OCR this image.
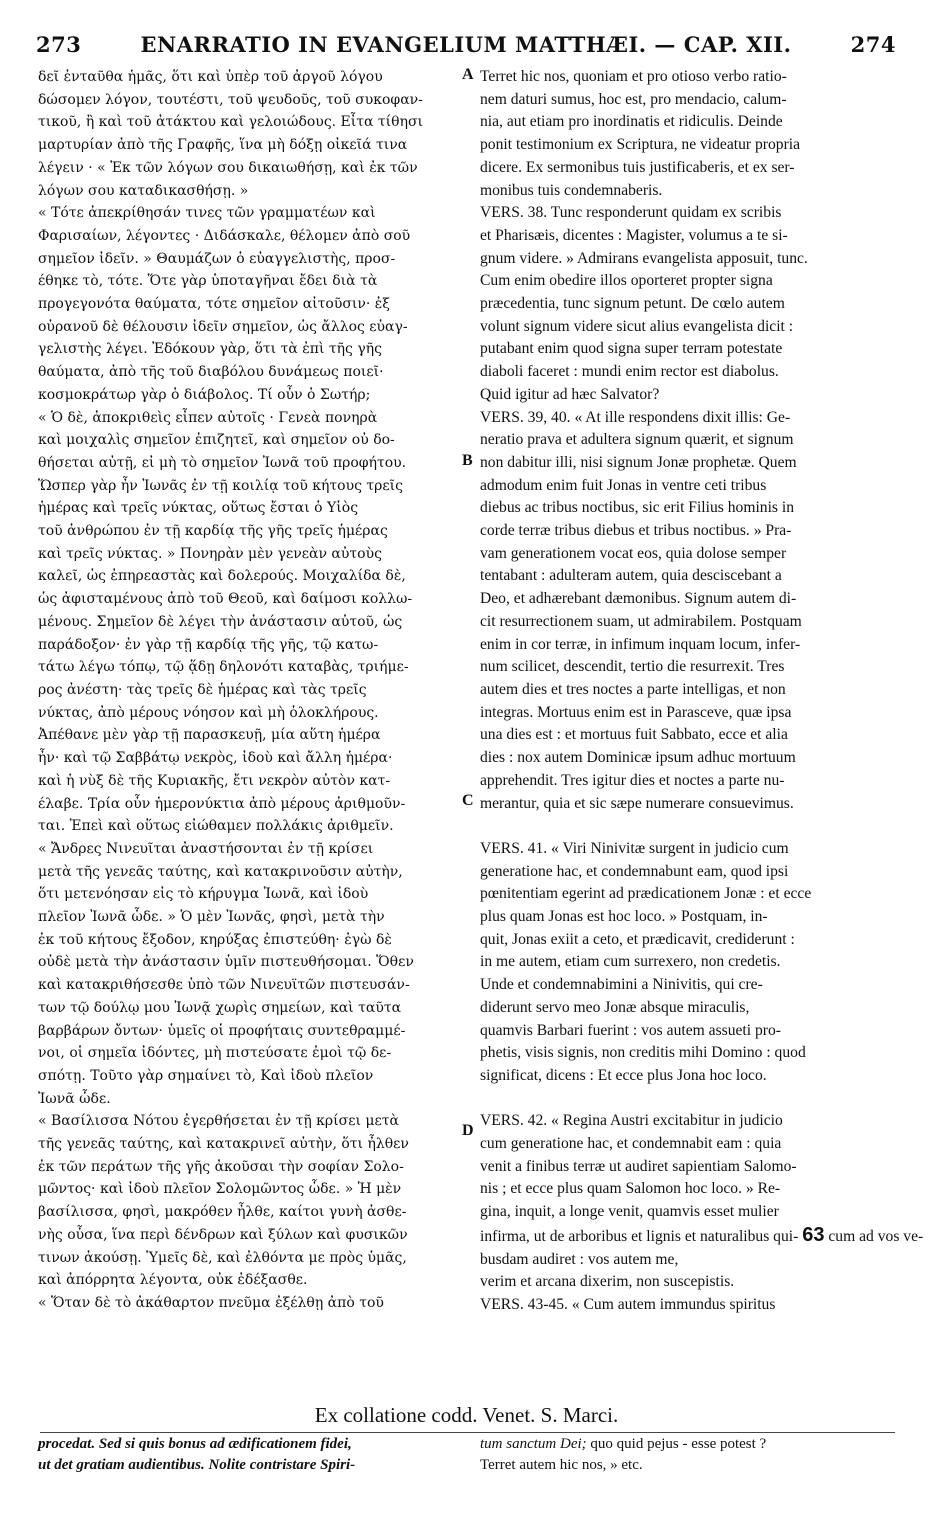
273	ENARRATIO IN EVANGELIUM MATTHÆI. — CAP. XII.	274

δεῖ ἐνταῦθα ἡμᾶς, ὅτι καὶ ὑπὲρ τοῦ ἀργοῦ λόγου

δώσομεν λόγον, τουτέστι, τοῦ ψευδοῦς, τοῦ συκοφαν-

τικοῦ, ἢ καὶ τοῦ ἀτάκτου καὶ γελοιώδους. Εἶτα τίθησι

μαρτυρίαν ἀπὸ τῆς Γραφῆς, ἵνα μὴ δόξῃ οἰκεῖά τινα

λέγειν · « Ἐκ τῶν λόγων σου δικαιωθήσῃ, καὶ ἐκ τῶν

λόγων σου καταδικασθήσῃ. »

« Τότε ἀπεκρίθησάν τινες τῶν γραμματέων καὶ

Φαρισαίων, λέγοντες · Διδάσκαλε, θέλομεν ἀπὸ σοῦ

σημεῖον ἰδεῖν. » Θαυμάζων ὁ εὐαγγελιστὴς, προσ-

έθηκε τὸ, τότε. Ὅτε γὰρ ὑποταγῆναι ἔδει διὰ τὰ

προγεγονότα θαύματα, τότε σημεῖον αἰτοῦσιν· ἐξ

οὐρανοῦ δὲ θέλουσιν ἰδεῖν σημεῖον, ὡς ἄλλος εὐαγ-

γελιστὴς λέγει. Ἐδόκουν γὰρ, ὅτι τὰ ἐπὶ τῆς γῆς

θαύματα, ἀπὸ τῆς τοῦ διαβόλου δυνάμεως ποιεῖ·

κοσμοκράτωρ γὰρ ὁ διάβολος. Τί οὖν ὁ Σωτήρ;

« Ὁ δὲ, ἀποκριθεὶς εἶπεν αὐτοῖς · Γενεὰ πονηρὰ

καὶ μοιχαλὶς σημεῖον ἐπιζητεῖ, καὶ σημεῖον οὐ δο-

θήσεται αὐτῇ, εἰ μὴ τὸ σημεῖον Ἰωνᾶ τοῦ προφήτου.

Ὥσπερ γὰρ ἦν Ἰωνᾶς ἐν τῇ κοιλίᾳ τοῦ κήτους τρεῖς

ἡμέρας καὶ τρεῖς νύκτας, οὕτως ἔσται ὁ Υἱὸς

τοῦ ἀνθρώπου ἐν τῇ καρδίᾳ τῆς γῆς τρεῖς ἡμέρας

καὶ τρεῖς νύκτας. » Πονηρὰν μὲν γενεὰν αὐτοὺς

καλεῖ, ὡς ἐπηρεαστὰς καὶ δολερούς. Μοιχαλίδα δὲ,

ὡς ἀφισταμένους ἀπὸ τοῦ Θεοῦ, καὶ δαίμοσι κολλω-

μένους. Σημεῖον δὲ λέγει τὴν ἀνάστασιν αὐτοῦ, ὡς

παράδοξον· ἐν γὰρ τῇ καρδίᾳ τῆς γῆς, τῷ κατω-

τάτω λέγω τόπῳ, τῷ ᾅδῃ δηλονότι καταβὰς, τριήμε-

ρος ἀνέστη· τὰς τρεῖς δὲ ἡμέρας καὶ τὰς τρεῖς

νύκτας, ἀπὸ μέρους νόησον καὶ μὴ ὁλοκλήρους.

Ἀπέθανε μὲν γὰρ τῇ παρασκευῇ, μία αὕτη ἡμέρα

ἦν· καὶ τῷ Σαββάτῳ νεκρὸς, ἰδοὺ καὶ ἄλλη ἡμέρα·

καὶ ἡ νὺξ δὲ τῆς Κυριακῆς, ἔτι νεκρὸν αὐτὸν κατ-

έλαβε. Τρία οὖν ἡμερονύκτια ἀπὸ μέρους ἀριθμοῦν-

ται. Ἐπεὶ καὶ οὕτως εἰώθαμεν πολλάκις ἀριθμεῖν.

« Ἄνδρες Νινευῖται ἀναστήσονται ἐν τῇ κρίσει

μετὰ τῆς γενεᾶς ταύτης, καὶ κατακρινοῦσιν αὐτὴν,

ὅτι μετενόησαν εἰς τὸ κήρυγμα Ἰωνᾶ, καὶ ἰδοὺ

πλεῖον Ἰωνᾶ ὧδε. » Ὁ μὲν Ἰωνᾶς, φησὶ, μετὰ τὴν

ἐκ τοῦ κήτους ἔξοδον, κηρύξας ἐπιστεύθη· ἐγὼ δὲ

οὐδὲ μετὰ τὴν ἀνάστασιν ὑμῖν πιστευθήσομαι. Ὅθεν

καὶ κατακριθήσεσθε ὑπὸ τῶν Νινευϊτῶν πιστευσάν-

των τῷ δούλῳ μου Ἰωνᾷ χωρὶς σημείων, καὶ ταῦτα

βαρβάρων ὄντων· ὑμεῖς οἱ προφήταις συντεθραμμέ-

νοι, οἱ σημεῖα ἰδόντες, μὴ πιστεύσατε ἐμοὶ τῷ δε-

σπότῃ. Τοῦτο γὰρ σημαίνει τὸ, Καὶ ἰδοὺ πλεῖον

Ἰωνᾶ ὧδε.

« Βασίλισσα Νότου ἐγερθήσεται ἐν τῇ κρίσει μετὰ

τῆς γενεᾶς ταύτης, καὶ κατακρινεῖ αὐτὴν, ὅτι ἦλθεν

ἐκ τῶν περάτων τῆς γῆς ἀκοῦσαι τὴν σοφίαν Σολο-

μῶντος· καὶ ἰδοὺ πλεῖον Σολομῶντος ὧδε. » Ἡ μὲν

βασίλισσα, φησὶ, μακρόθεν ἦλθε, καίτοι γυνὴ ἀσθε-

νὴς οὖσα, ἵνα περὶ δένδρων καὶ ξύλων καὶ φυσικῶν

τινων ἀκούσῃ. Ὑμεῖς δὲ, καὶ ἐλθόντα με πρὸς ὑμᾶς,

καὶ ἀπόρρητα λέγοντα, οὐκ ἐδέξασθε.

« Ὅταν δὲ τὸ ἀκάθαρτον πνεῦμα ἐξέλθῃ ἀπὸ τοῦ

A
B
C
D

Terret hic nos, quoniam et pro otioso verbo ratio-

nem daturi sumus, hoc est, pro mendacio, calum-

nia, aut etiam pro inordinatis et ridiculis. Deinde

ponit testimonium ex Scriptura, ne videatur propria

dicere. Ex sermonibus tuis justificaberis, et ex ser-

monibus tuis condemnaberis.

VERS. 38. Tunc responderunt quidam ex scribis

et Pharisæis, dicentes : Magister, volumus a te si-

gnum videre. » Admirans evangelista apposuit, tunc.

Cum enim obedire illos oporteret propter signa

præcedentia, tunc signum petunt. De cœlo autem

volunt signum videre sicut alius evangelista dicit :

putabant enim quod signa super terram potestate

diaboli faceret : mundi enim rector est diabolus.

Quid igitur ad hæc Salvator?

VERS. 39, 40. « At ille respondens dixit illis: Ge-

neratio prava et adultera signum quærit, et signum

non dabitur illi, nisi signum Jonæ prophetæ. Quem

admodum enim fuit Jonas in ventre ceti tribus

diebus ac tribus noctibus, sic erit Filius hominis in

corde terræ tribus diebus et tribus noctibus. » Pra-

vam generationem vocat eos, quia dolose semper

tentabant : adulteram autem, quia desciscebant a

Deo, et adhærebant dæmonibus. Signum autem di-

cit resurrectionem suam, ut admirabilem. Postquam

enim in cor terræ, in infimum inquam locum, infer-

num scilicet, descendit, tertio die resurrexit. Tres

autem dies et tres noctes a parte intelligas, et non

integras. Mortuus enim est in Parasceve, quæ ipsa

una dies est : et mortuus fuit Sabbato, ecce et alia

dies : nox autem Dominicæ ipsum adhuc mortuum

apprehendit. Tres igitur dies et noctes a parte nu-

merantur, quia et sic sæpe numerare consuevimus.

VERS. 41. « Viri Ninivitæ surgent in judicio cum

generatione hac, et condemnabunt eam, quod ipsi

pœnitentiam egerint ad prædicationem Jonæ : et ecce

plus quam Jonas est hoc loco. » Postquam, in-

quit, Jonas exiit a ceto, et prædicavit, crediderunt :

in me autem, etiam cum surrexero, non credetis.

Unde et condemnabimini a Ninivitis, qui cre-

diderunt servo meo Jonæ absque miraculis,

quamvis Barbari fuerint : vos autem assueti pro-

phetis, visis signis, non creditis mihi Domino : quod

significat, dicens : Et ecce plus Jona hoc loco.

VERS. 42. « Regina Austri excitabitur in judicio

cum generatione hac, et condemnabit eam : quia

venit a finibus terræ ut audiret sapientiam Salomo-

nis ; et ecce plus quam Salomon hoc loco. » Re-

gina, inquit, a longe venit, quamvis esset mulier

infirma, ut de arboribus et lignis et naturalibus qui- 63 cum ad vos ve-

busdam audiret : vos autem me,

verim et arcana dixerim, non suscepistis.

VERS. 43-45. « Cum autem immundus spiritus

Ex collatione codd. Venet. S. Marci.
procedat. Sed si quis bonus ad ædificationem fidei,
ut det gratiam audientibus. Nolite contristare Spiri-
tum sanctum Dei; quo quid pejus - esse potest ?
Terret autem hic nos, » etc.
